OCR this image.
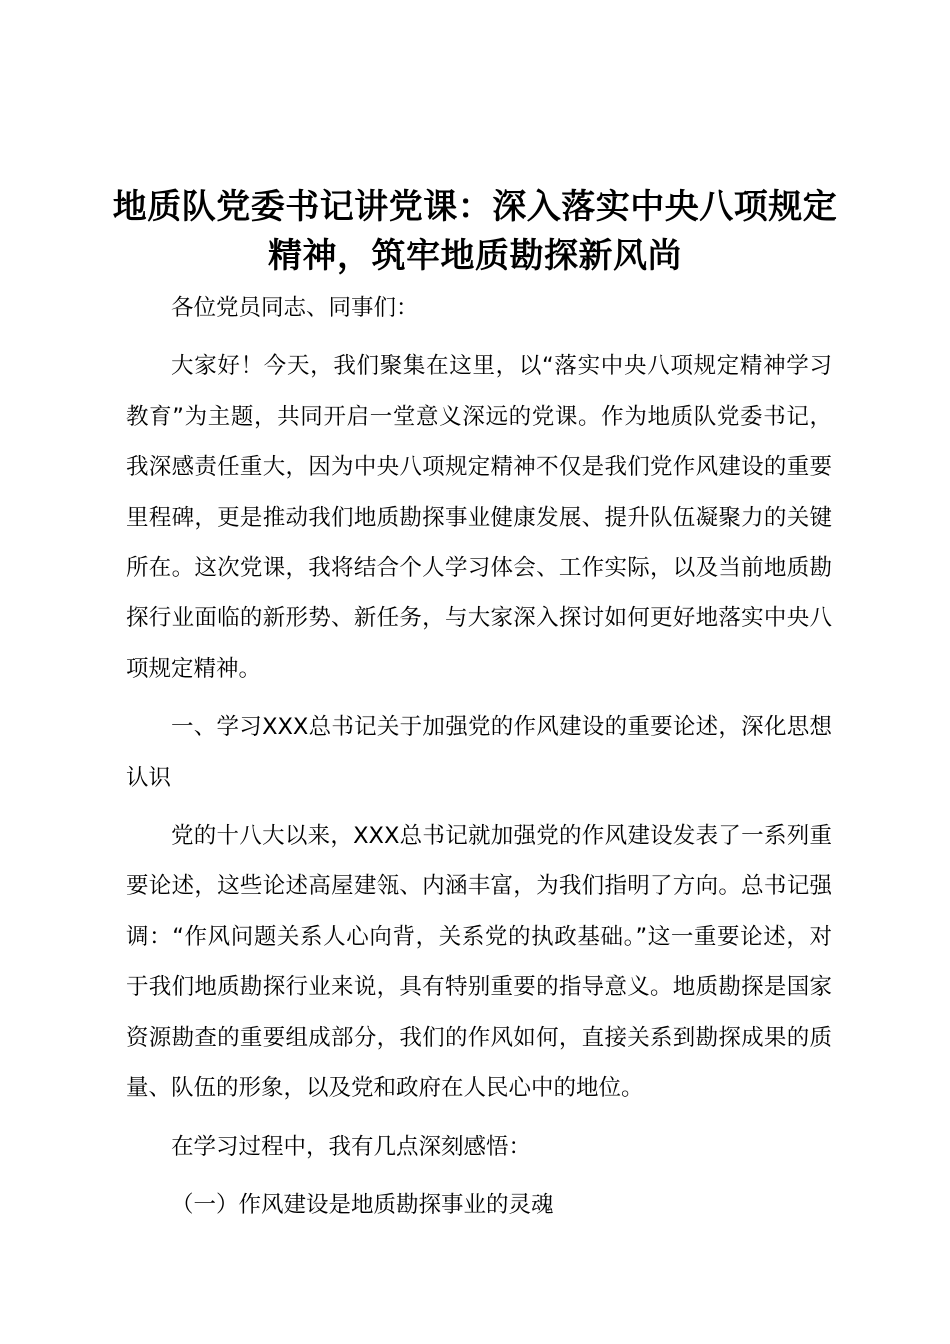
地质队党委书记讲党课：深入落实中央八项规定精神，筑牢地质勘探新风尚

各位党员同志、同事们：

大家好！今天，我们聚集在这里，以“落实中央八项规定精神学习教育”为主题，共同开启一堂意义深远的党课。作为地质队党委书记，我深感责任重大，因为中央八项规定精神不仅是我们党作风建设的重要里程碑，更是推动我们地质勘探事业健康发展、提升队伍凝聚力的关键所在。这次党课，我将结合个人学习体会、工作实际，以及当前地质勘探行业面临的新形势、新任务，与大家深入探讨如何更好地落实中央八项规定精神。

一、学习XXX总书记关于加强党的作风建设的重要论述，深化思想认识

党的十八大以来，XXX总书记就加强党的作风建设发表了一系列重要论述，这些论述高屋建瓴、内涵丰富，为我们指明了方向。总书记强调：“作风问题关系人心向背，关系党的执政基础。”这一重要论述，对于我们地质勘探行业来说，具有特别重要的指导意义。地质勘探是国家资源勘查的重要组成部分，我们的作风如何，直接关系到勘探成果的质量、队伍的形象，以及党和政府在人民心中的地位。

在学习过程中，我有几点深刻感悟：

（一）作风建设是地质勘探事业的灵魂
